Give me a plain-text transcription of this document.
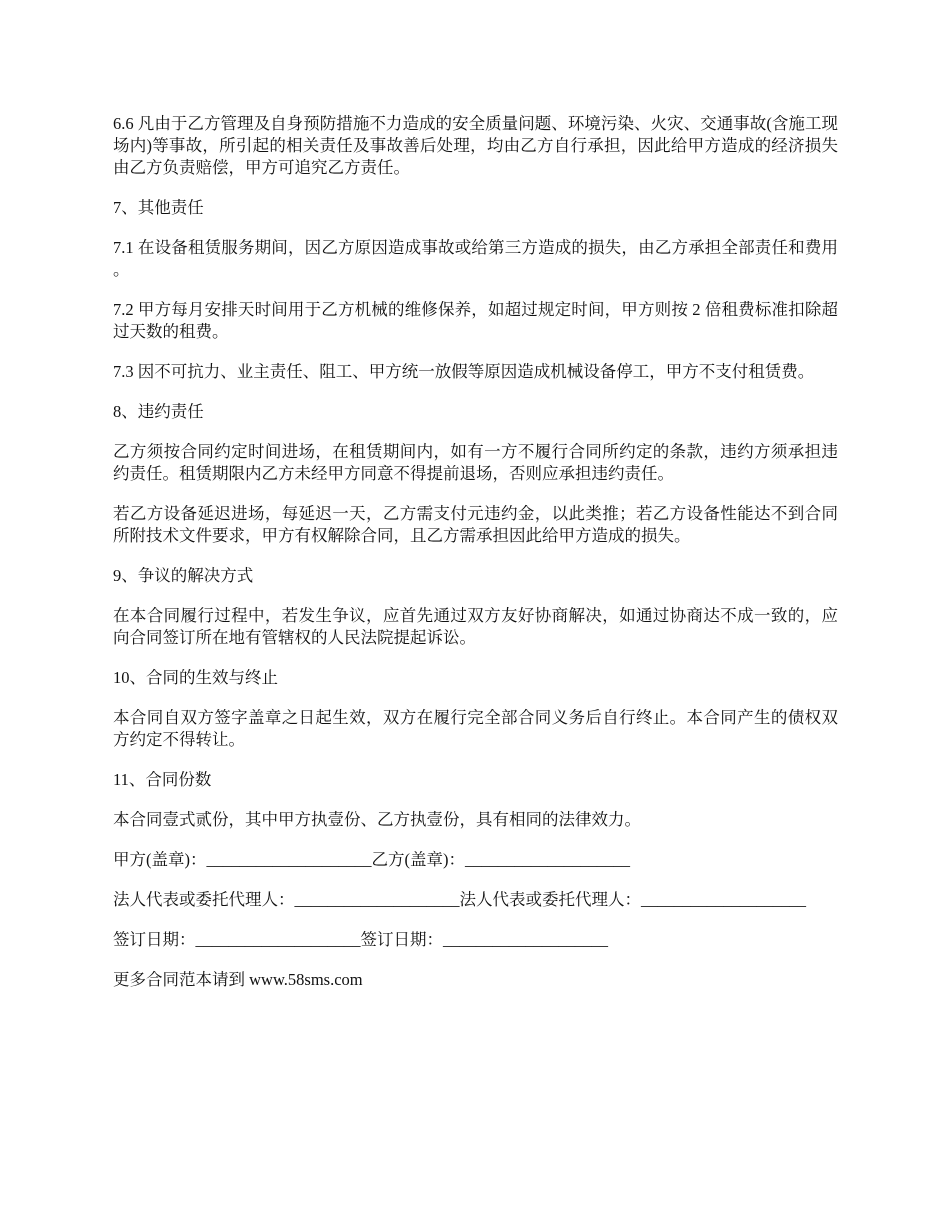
6.6 凡由于乙方管理及自身预防措施不力造成的安全质量问题、环境污染、火灾、交通事故(含施工现场内)等事故，所引起的相关责任及事故善后处理，均由乙方自行承担，因此给甲方造成的经济损失由乙方负责赔偿，甲方可追究乙方责任。

7、其他责任

7.1 在设备租赁服务期间，因乙方原因造成事故或给第三方造成的损失，由乙方承担全部责任和费用。

7.2 甲方每月安排天时间用于乙方机械的维修保养，如超过规定时间，甲方则按 2 倍租费标准扣除超过天数的租费。

7.3 因不可抗力、业主责任、阻工、甲方统一放假等原因造成机械设备停工，甲方不支付租赁费。

8、违约责任

乙方须按合同约定时间进场，在租赁期间内，如有一方不履行合同所约定的条款，违约方须承担违约责任。租赁期限内乙方未经甲方同意不得提前退场，否则应承担违约责任。

若乙方设备延迟进场，每延迟一天，乙方需支付元违约金，以此类推；若乙方设备性能达不到合同所附技术文件要求，甲方有权解除合同，且乙方需承担因此给甲方造成的损失。

9、争议的解决方式

在本合同履行过程中，若发生争议，应首先通过双方友好协商解决，如通过协商达不成一致的，应向合同签订所在地有管辖权的人民法院提起诉讼。

10、合同的生效与终止

本合同自双方签字盖章之日起生效，双方在履行完全部合同义务后自行终止。本合同产生的债权双方约定不得转让。

11、合同份数

本合同壹式贰份，其中甲方执壹份、乙方执壹份，具有相同的法律效力。

甲方(盖章)：____________________乙方(盖章)：____________________

法人代表或委托代理人：____________________法人代表或委托代理人：____________________

签订日期：____________________签订日期：____________________

更多合同范本请到 www.58sms.com
